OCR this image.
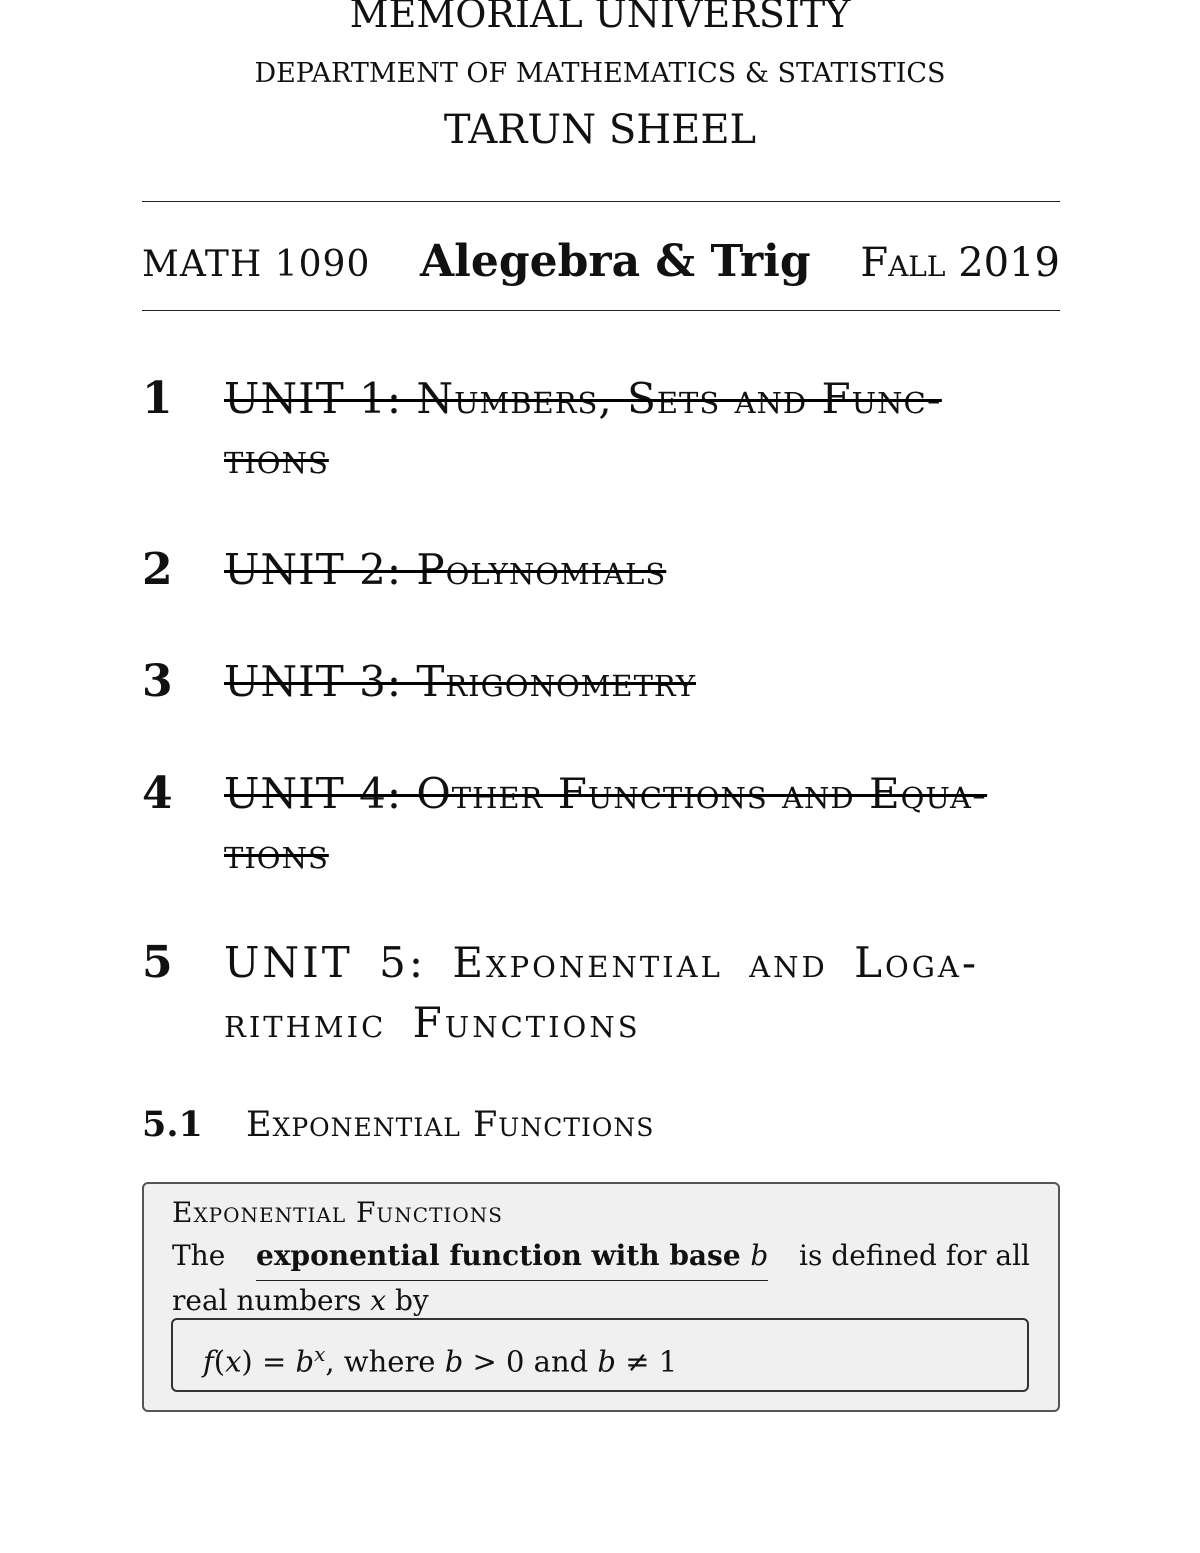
MEMORIAL UNIVERSITY
DEPARTMENT OF MATHEMATICS & STATISTICS
TARUN SHEEL
MATH 1090 Alegebra & Trig Fall 2019
1	UNIT 1: Numbers, Sets and Func-
tions
2	UNIT 2: Polynomials
3	UNIT 3: Trigonometry
4	UNIT 4: Other Functions and Equa-
tions
5	UNIT 5: Exponential and Loga-
rithmic Functions
5.1 Exponential Functions
Exponential Functions
The exponential function with base b is defined for all
real numbers x by
$f(x) = b^x$, where b > 0 and b ≠ 1
